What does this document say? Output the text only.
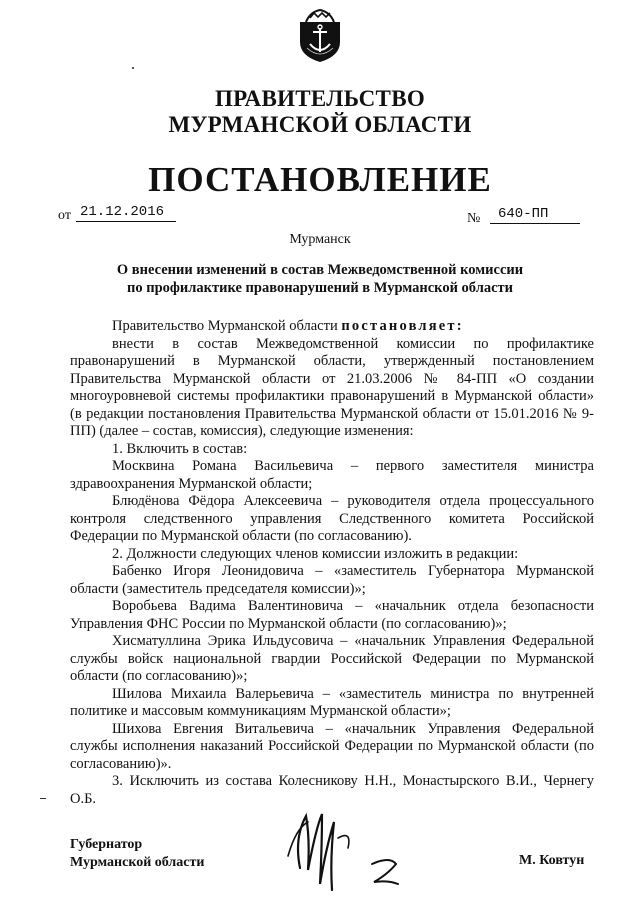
ПРАВИТЕЛЬСТВО
МУРМАНСКОЙ ОБЛАСТИ
ПОСТАНОВЛЕНИЕ
от 21.12.2016	№	640-ПП
Мурманск
О внесении изменений в состав Межведомственной комиссии
по профилактике правонарушений в Мурманской области

Правительство Мурманской области постановляет:

внести в состав Межведомственной комиссии по профилактике правонарушений в Мурманской области, утвержденный постановлением Правительства Мурманской области от 21.03.2006 № 84-ПП «О создании многоуровневой системы профилактики правонарушений в Мурманской области» (в редакции постановления Правительства Мурманской области от 15.01.2016 № 9-ПП) (далее – состав, комиссия), следующие изменения:

1. Включить в состав:

Москвина Романа Васильевича – первого заместителя министра здравоохранения Мурманской области;

Блюдёнова Фёдора Алексеевича – руководителя отдела процессуального контроля следственного управления Следственного комитета Российской Федерации по Мурманской области (по согласованию).

2. Должности следующих членов комиссии изложить в редакции:

Бабенко Игоря Леонидовича – «заместитель Губернатора Мурманской области (заместитель председателя комиссии)»;

Воробьева Вадима Валентиновича – «начальник отдела безопасности Управления ФНС России по Мурманской области (по согласованию)»;

Хисматуллина Эрика Ильдусовича – «начальник Управления Федеральной службы войск национальной гвардии Российской Федерации по Мурманской области (по согласованию)»;

Шилова Михаила Валерьевича – «заместитель министра по внутренней политике и массовым коммуникациям Мурманской области»;

Шихова Евгения Витальевича – «начальник Управления Федеральной службы исполнения наказаний Российской Федерации по Мурманской области (по согласованию)».

3. Исключить из состава Колесникову Н.Н., Монастырского В.И., Чернегу О.Б.

Губернатор
Мурманской области	М. Ковтун
